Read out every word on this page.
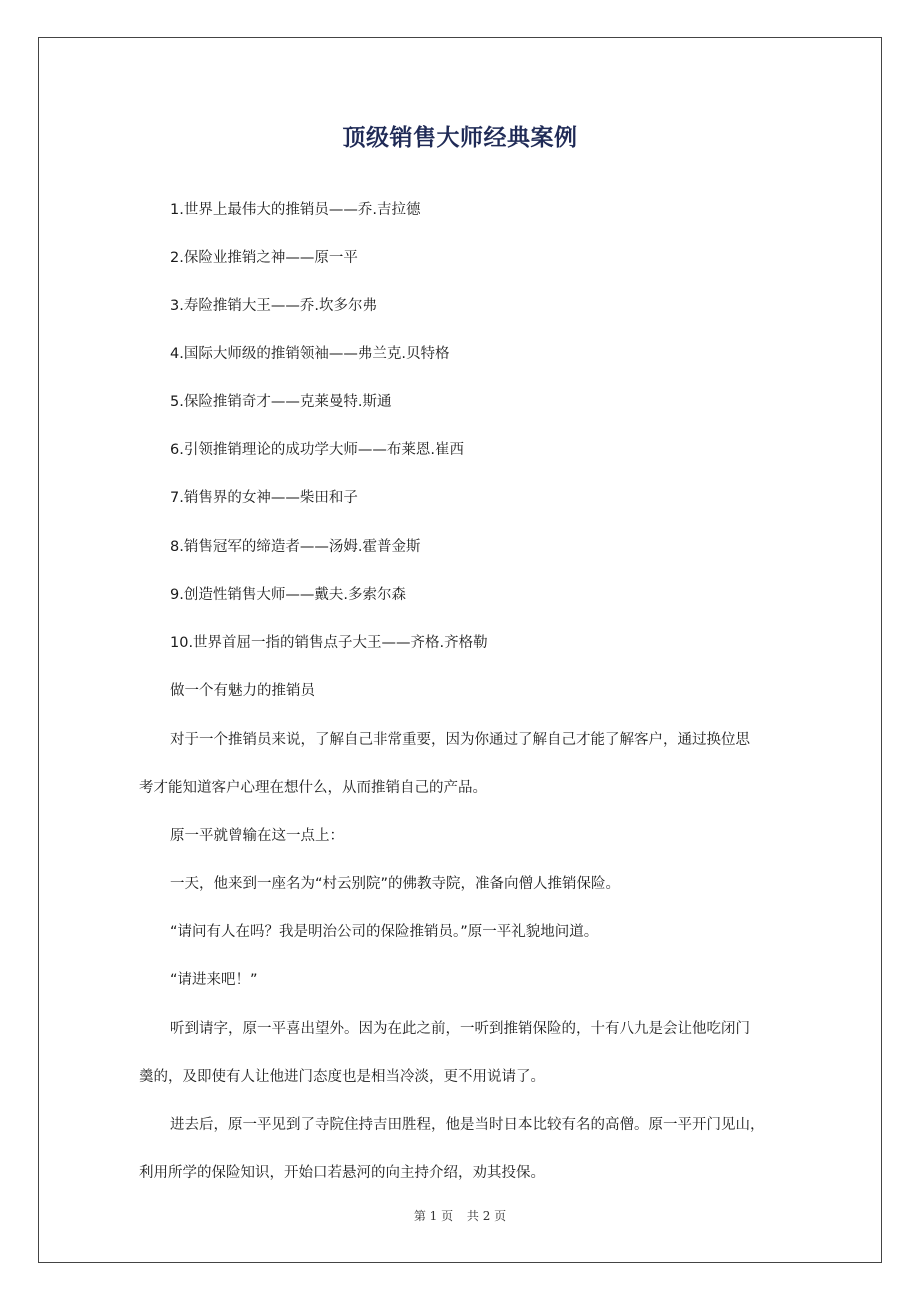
顶级销售大师经典案例
1.世界上最伟大的推销员——乔.吉拉德
2.保险业推销之神——原一平
3.寿险推销大王——乔.坎多尔弗
4.国际大师级的推销领袖——弗兰克.贝特格
5.保险推销奇才——克莱曼特.斯通
6.引领推销理论的成功学大师——布莱恩.崔西
7.销售界的女神——柴田和子
8.销售冠军的缔造者——汤姆.霍普金斯
9.创造性销售大师——戴夫.多索尔森
10.世界首屈一指的销售点子大王——齐格.齐格勒
做一个有魅力的推销员
对于一个推销员来说，了解自己非常重要，因为你通过了解自己才能了解客户，通过换位思
考才能知道客户心理在想什么，从而推销自己的产品。
原一平就曾输在这一点上：
一天，他来到一座名为“村云别院”的佛教寺院，准备向僧人推销保险。
“请问有人在吗？我是明治公司的保险推销员。”原一平礼貌地问道。
“请进来吧！”
听到请字，原一平喜出望外。因为在此之前，一听到推销保险的，十有八九是会让他吃闭门
羹的，及即使有人让他进门态度也是相当冷淡，更不用说请了。
进去后，原一平见到了寺院住持吉田胜程，他是当时日本比较有名的高僧。原一平开门见山，
利用所学的保险知识，开始口若悬河的向主持介绍，劝其投保。
第 1 页 共 2 页
